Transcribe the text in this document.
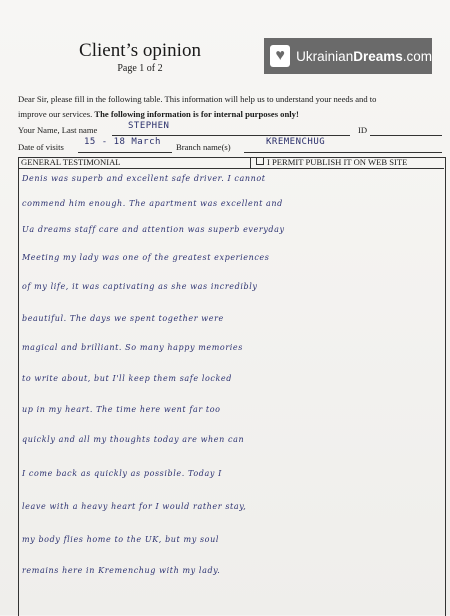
Client’s opinion
Page 1 of 2
♥ UkrainianDreams.com
Dear Sir, please fill in the following table. This information will help us to understand your needs and to
improve our services. The following information is for internal purposes only!
Your Name, Last name	STEPHEN	ID
Date of visits 15 - 18 March Branch name(s)	KREMENCHUG
GENERAL TESTIMONIAL	I PERMIT PUBLISH IT ON WEB SITE
Denis was superb and excellent safe driver. I cannot
commend him enough. The apartment was excellent and
Ua dreams staff care and attention was superb everyday
Meeting my lady was one of the greatest experiences
of my life, it was captivating as she was incredibly
beautiful. The days we spent together were
magical and brilliant. So many happy memories
to write about, but I'll keep them safe locked
up in my heart. The time here went far too
quickly and all my thoughts today are when can
I come back as quickly as possible. Today I
leave with a heavy heart for I would rather stay,
my body flies home to the UK, but my soul
remains here in Kremenchug with my lady.
